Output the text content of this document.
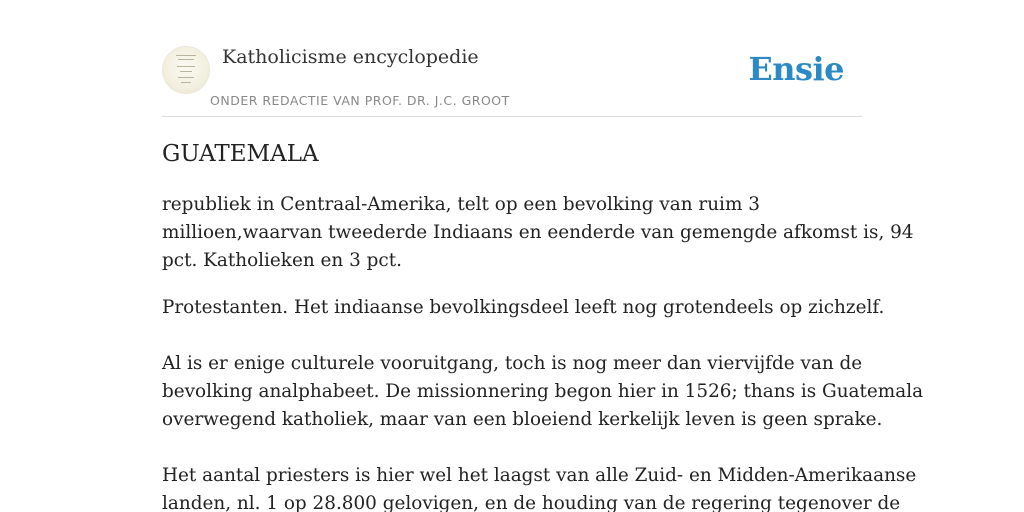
Katholicisme encyclopedie
ONDER REDACTIE VAN PROF. DR. J.C. GROOT
Ensie
GUATEMALA

republiek in Centraal-Amerika, telt op een bevolking van ruim 3
millioen,waarvan tweederde Indiaans en eenderde van gemengde afkomst is, 94
pct. Katholieken en 3 pct.

Protestanten. Het indiaanse bevolkingsdeel leeft nog grotendeels op zichzelf.

Al is er enige culturele vooruitgang, toch is nog meer dan viervijfde van de
bevolking analphabeet. De missionnering begon hier in 1526; thans is Guatemala
overwegend katholiek, maar van een bloeiend kerkelijk leven is geen sprake.

Het aantal priesters is hier wel het laagst van alle Zuid- en Midden-Amerikaanse
landen, nl. 1 op 28.800 gelovigen, en de houding van de regering tegenover de
